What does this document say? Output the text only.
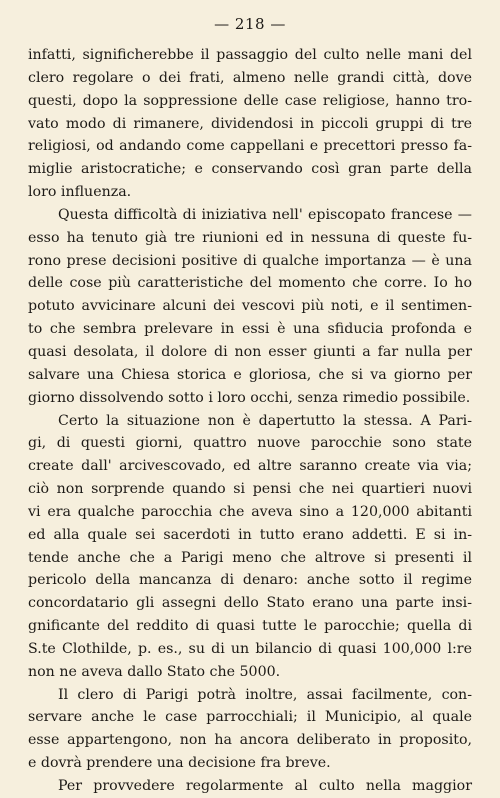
— 218 —
infatti, significherebbe il passaggio del culto nelle mani del
clero regolare o dei frati, almeno nelle grandi città, dove
questi, dopo la soppressione delle case religiose, hanno tro-
vato modo di rimanere, dividendosi in piccoli gruppi di tre
religiosi, od andando come cappellani e precettori presso fa-
miglie aristocratiche; e conservando così gran parte della
loro influenza.
Questa difficoltà di iniziativa nell' episcopato francese —
esso ha tenuto già tre riunioni ed in nessuna di queste fu-
rono prese decisioni positive di qualche importanza — è una
delle cose più caratteristiche del momento che corre. Io ho
potuto avvicinare alcuni dei vescovi più noti, e il sentimen-
to che sembra prelevare in essi è una sfiducia profonda e
quasi desolata, il dolore di non esser giunti a far nulla per
salvare una Chiesa storica e gloriosa, che si va giorno per
giorno dissolvendo sotto i loro occhi, senza rimedio possibile.
Certo la situazione non è dapertutto la stessa. A Pari-
gi, di questi giorni, quattro nuove parocchie sono state
create dall' arcivescovado, ed altre saranno create via via;
ciò non sorprende quando si pensi che nei quartieri nuovi
vi era qualche parocchia che aveva sino a 120,000 abitanti
ed alla quale sei sacerdoti in tutto erano addetti. E si in-
tende anche che a Parigi meno che altrove si presenti il
pericolo della mancanza di denaro: anche sotto il regime
concordatario gli assegni dello Stato erano una parte insi-
gnificante del reddito di quasi tutte le parocchie; quella di
S.te Clothilde, p. es., su di un bilancio di quasi 100,000 l:re
non ne aveva dallo Stato che 5000.
Il clero di Parigi potrà inoltre, assai facilmente, con-
servare anche le case parrocchiali; il Municipio, al quale
esse appartengono, non ha ancora deliberato in proposito,
e dovrà prendere una decisione fra breve.
Per provvedere regolarmente al culto nella maggior
